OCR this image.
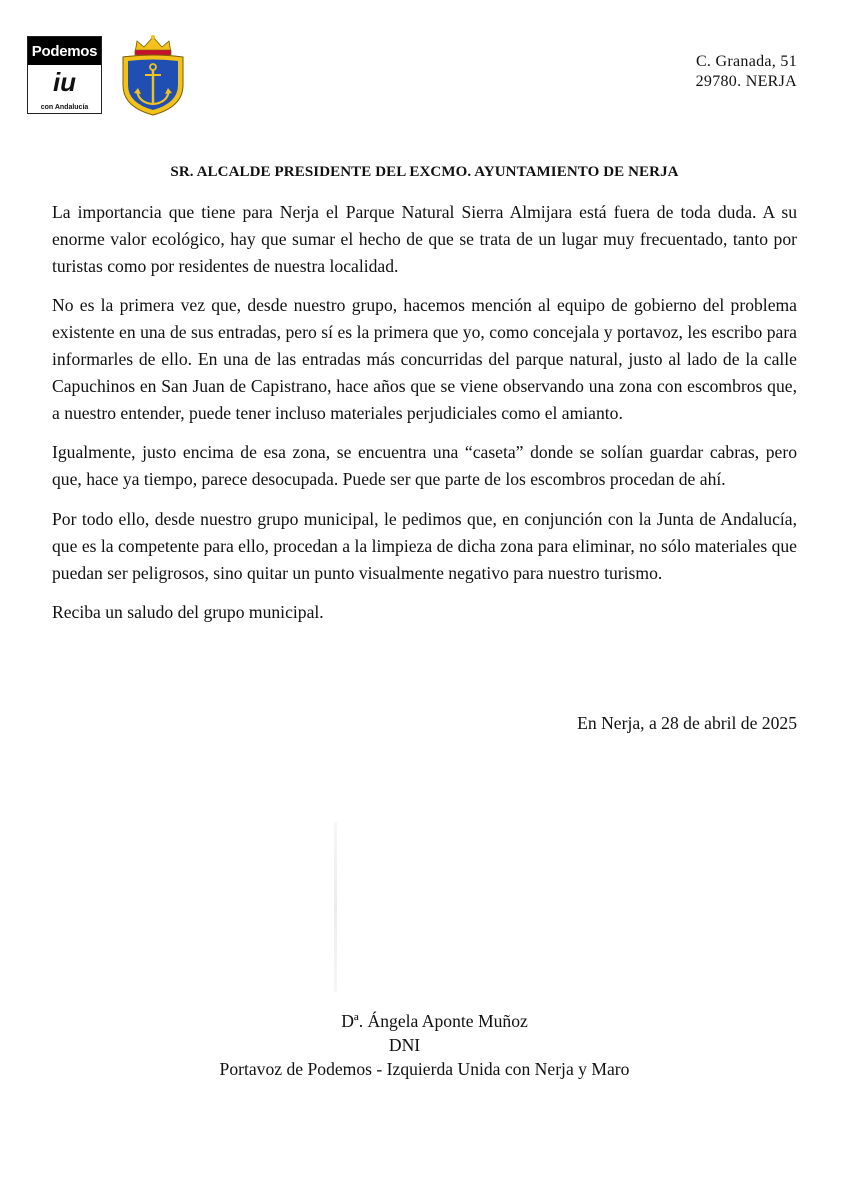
Podemos
iu
con Andalucía
C. Granada, 51
29780. NERJA
SR. ALCALDE PRESIDENTE DEL EXCMO. AYUNTAMIENTO DE NERJA

La importancia que tiene para Nerja el Parque Natural Sierra Almijara está fuera de toda duda. A su enorme valor ecológico, hay que sumar el hecho de que se trata de un lugar muy frecuentado, tanto por turistas como por residentes de nuestra localidad.

No es la primera vez que, desde nuestro grupo, hacemos mención al equipo de gobierno del problema existente en una de sus entradas, pero sí es la primera que yo, como concejala y portavoz, les escribo para informarles de ello. En una de las entradas más concurridas del parque natural, justo al lado de la calle Capuchinos en San Juan de Capistrano, hace años que se viene observando una zona con escombros que, a nuestro entender, puede tener incluso materiales perjudiciales como el amianto.

Igualmente, justo encima de esa zona, se encuentra una “caseta” donde se solían guardar cabras, pero que, hace ya tiempo, parece desocupada. Puede ser que parte de los escombros procedan de ahí.

Por todo ello, desde nuestro grupo municipal, le pedimos que, en conjunción con la Junta de Andalucía, que es la competente para ello, procedan a la limpieza de dicha zona para eliminar, no sólo materiales que puedan ser peligrosos, sino quitar un punto visualmente negativo para nuestro turismo.

Reciba un saludo del grupo municipal.

En Nerja, a 28 de abril de 2025
Dª. Ángela Aponte Muñoz
DNI
Portavoz de Podemos - Izquierda Unida con Nerja y Maro
